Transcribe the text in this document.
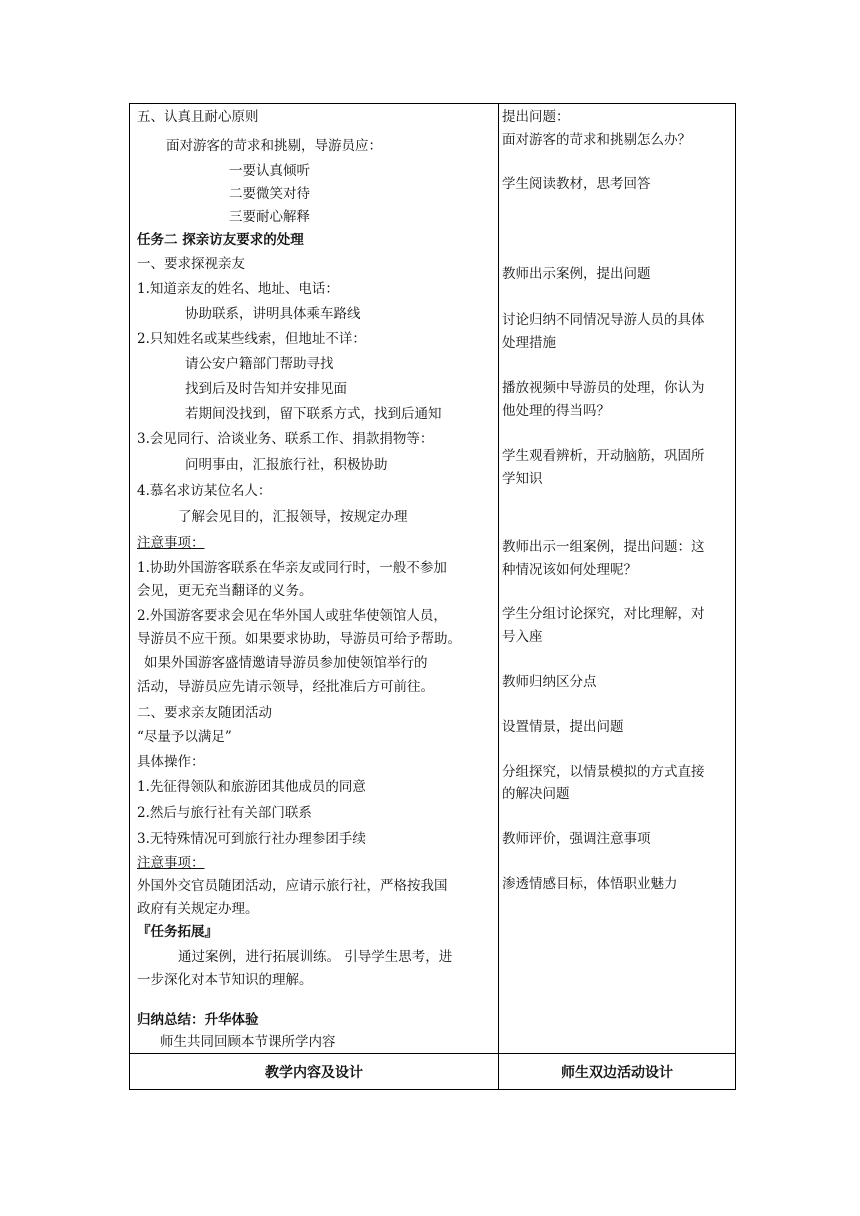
五、认真且耐心原则
面对游客的苛求和挑剔，导游员应：
一要认真倾听
二要微笑对待
三要耐心解释
任务二 探亲访友要求的处理
一、要求探视亲友
1.知道亲友的姓名、地址、电话：
协助联系，讲明具体乘车路线
2.只知姓名或某些线索，但地址不详：
请公安户籍部门帮助寻找
找到后及时告知并安排见面
若期间没找到，留下联系方式，找到后通知
3.会见同行、洽谈业务、联系工作、捐款捐物等：
问明事由，汇报旅行社，积极协助
4.慕名求访某位名人：
了解会见目的，汇报领导，按规定办理
注意事项：
1.协助外国游客联系在华亲友或同行时，一般不参加
会见，更无充当翻译的义务。
2.外国游客要求会见在华外国人或驻华使领馆人员，
导游员不应干预。如果要求协助，导游员可给予帮助。
如果外国游客盛情邀请导游员参加使领馆举行的
活动，导游员应先请示领导，经批准后方可前往。
二、要求亲友随团活动
“尽量予以满足”
具体操作：
1.先征得领队和旅游团其他成员的同意
2.然后与旅行社有关部门联系
3.无特殊情况可到旅行社办理参团手续
注意事项：
外国外交官员随团活动，应请示旅行社，严格按我国
政府有关规定办理。
『任务拓展』
通过案例，进行拓展训练。 引导学生思考，进
一步深化对本节知识的理解。
归纳总结：升华体验
师生共同回顾本节课所学内容
提出问题：
面对游客的苛求和挑剔怎么办？
学生阅读教材，思考回答
教师出示案例，提出问题
讨论归纳不同情况导游人员的具体
处理措施
播放视频中导游员的处理，你认为
他处理的得当吗？
学生观看辨析，开动脑筋，巩固所
学知识
教师出示一组案例，提出问题：这
种情况该如何处理呢？
学生分组讨论探究，对比理解，对
号入座
教师归纳区分点
设置情景，提出问题
分组探究，以情景模拟的方式直接
的解决问题
教师评价，强调注意事项
渗透情感目标，体悟职业魅力
教学内容及设计	师生双边活动设计
